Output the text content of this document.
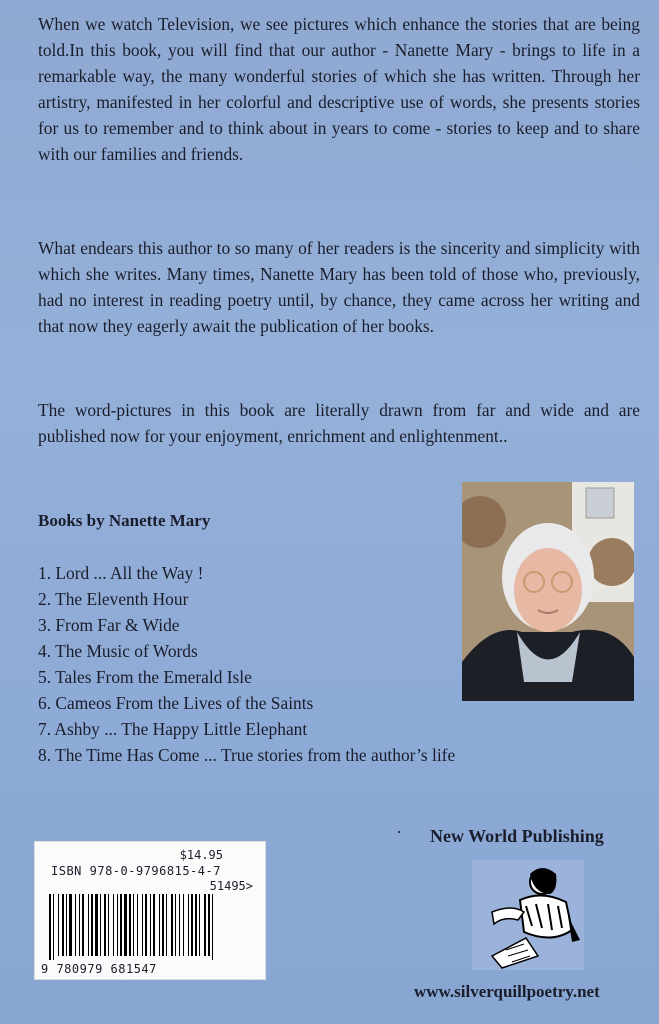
When we watch Television, we see pictures which enhance the stories that are being told.In this book, you will find that our author - Nanette Mary - brings to life in a remarkable way, the many wonderful stories of which she has written. Through her artistry, manifested in her colorful and descriptive use of words, she presents stories for us to remember and to think about in years to come - stories to keep and to share with our families and friends.

What endears this author to so many of her readers is the sincerity and simplicity with which she writes. Many times, Nanette Mary has been told of those who, previously, had no interest in reading poetry until, by chance, they came across her writing and that now they eagerly await the publication of her books.

The word-pictures in this book are literally drawn from far and wide and are published now for your enjoyment, enrichment and enlightenment..

Books by Nanette Mary
1. Lord ... All the Way !
2. The Eleventh Hour
3. From Far & Wide
4. The Music of Words
5. Tales From the Emerald Isle
6. Cameos From the Lives of the Saints
7. Ashby ... The Happy Little Elephant
8. The Time Has Come ... True stories from the author’s life
$14.95
ISBN 978-0-9796815-4-7
51495>
9 780979 681547
· New World Publishing

www.silverquillpoetry.net
